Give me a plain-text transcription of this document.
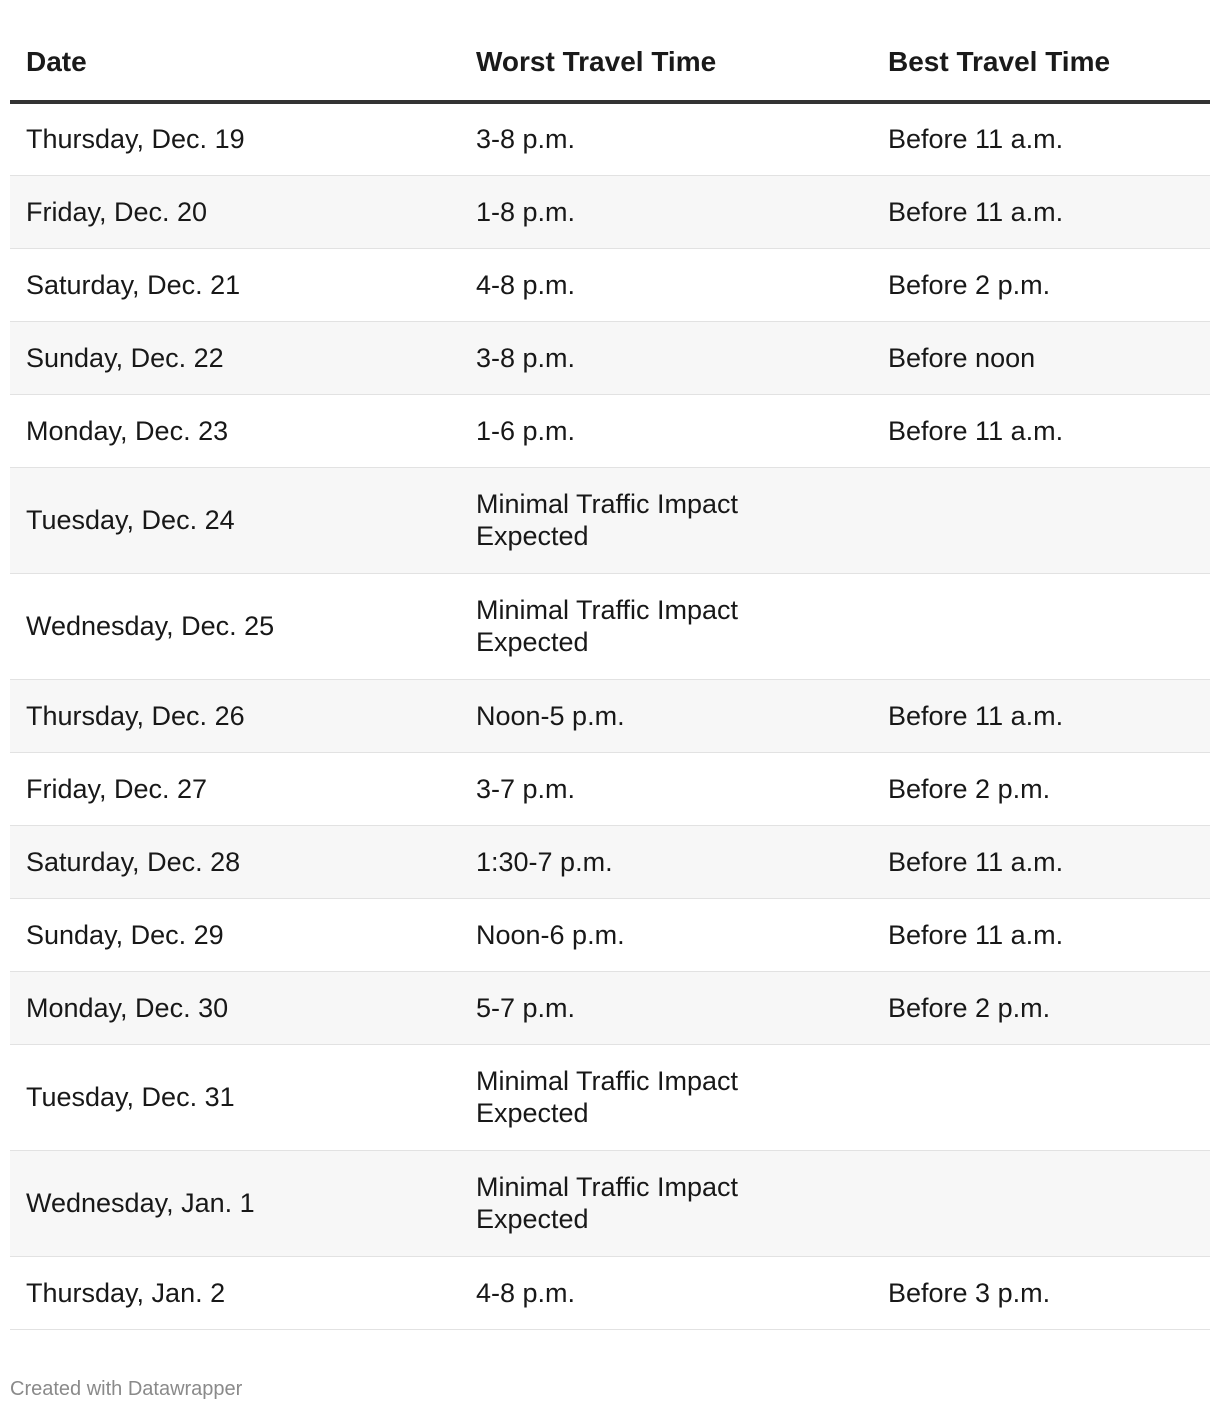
Date	Worst Travel Time	Best Travel Time
Thursday, Dec. 19	3-8 p.m.	Before 11 a.m.
Friday, Dec. 20	1-8 p.m.	Before 11 a.m.
Saturday, Dec. 21	4-8 p.m.	Before 2 p.m.
Sunday, Dec. 22	3-8 p.m.	Before noon
Monday, Dec. 23	1-6 p.m.	Before 11 a.m.
Tuesday, Dec. 24	Minimal Traffic Impact Expected	
Wednesday, Dec. 25	Minimal Traffic Impact Expected	
Thursday, Dec. 26	Noon-5 p.m.	Before 11 a.m.
Friday, Dec. 27	3-7 p.m.	Before 2 p.m.
Saturday, Dec. 28	1:30-7 p.m.	Before 11 a.m.
Sunday, Dec. 29	Noon-6 p.m.	Before 11 a.m.
Monday, Dec. 30	5-7 p.m.	Before 2 p.m.
Tuesday, Dec. 31	Minimal Traffic Impact Expected	
Wednesday, Jan. 1	Minimal Traffic Impact Expected	
Thursday, Jan. 2	4-8 p.m.	Before 3 p.m.
Created with Datawrapper
